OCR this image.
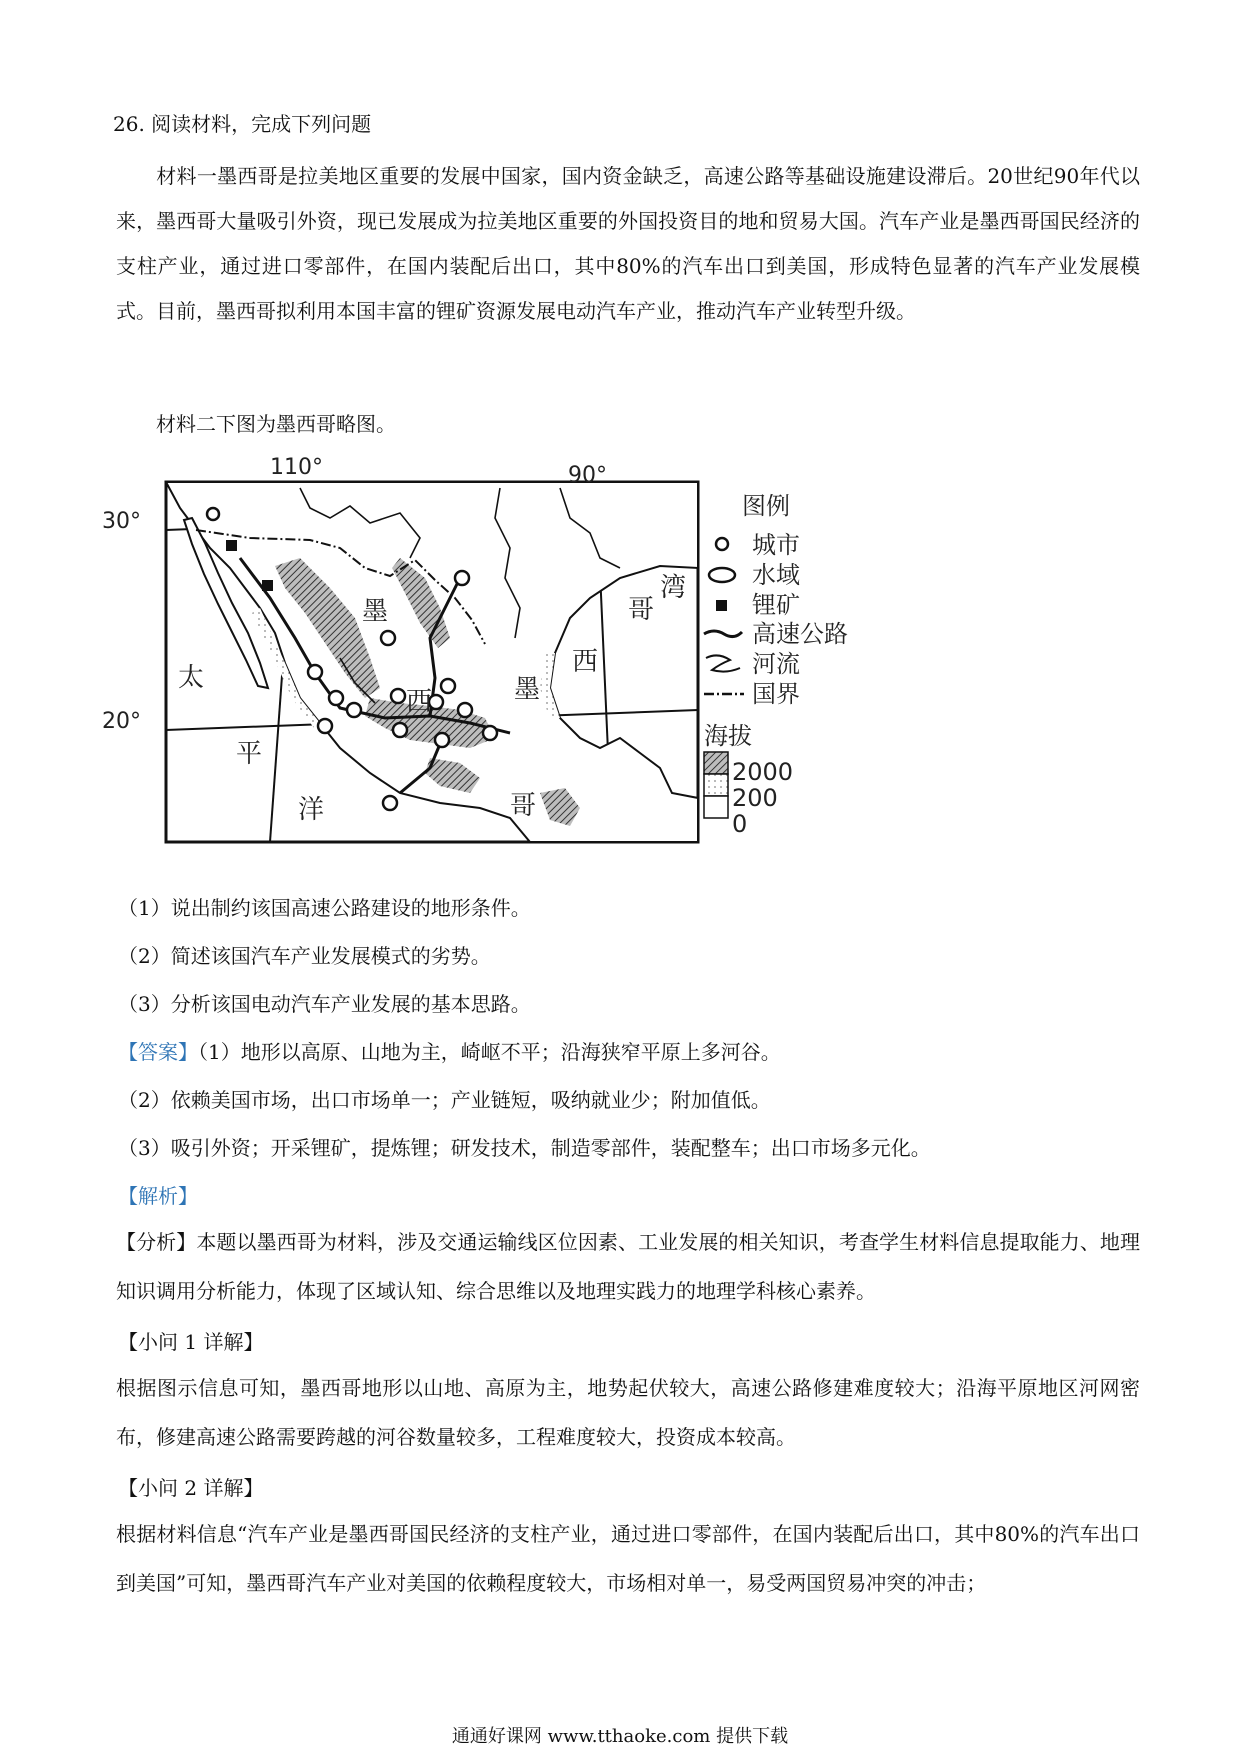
26. 阅读材料，完成下列问题
材料一墨西哥是拉美地区重要的发展中国家，国内资金缺乏，高速公路等基础设施建设滞后。20世纪90年代以来，墨西哥大量吸引外资，现已发展成为拉美地区重要的外国投资目的地和贸易大国。汽车产业是墨西哥国民经济的支柱产业，通过进口零部件，在国内装配后出口，其中80%的汽车出口到美国，形成特色显著的汽车产业发展模式。目前，墨西哥拟利用本国丰富的锂矿资源发展电动汽车产业，推动汽车产业转型升级。
材料二下图为墨西哥略图。
110°	90°
30°
20°
墨
西
哥
墨
西
哥
湾
太
平
洋
图例
城市
水域
锂矿
高速公路
河流
国界
海拔
2000
200
0
（1）说出制约该国高速公路建设的地形条件。
（2）简述该国汽车产业发展模式的劣势。
（3）分析该国电动汽车产业发展的基本思路。
【答案】（1）地形以高原、山地为主，崎岖不平；沿海狭窄平原上多河谷。
（2）依赖美国市场，出口市场单一；产业链短，吸纳就业少；附加值低。
（3）吸引外资；开采锂矿，提炼锂；研发技术，制造零部件，装配整车；出口市场多元化。
【解析】
【分析】本题以墨西哥为材料，涉及交通运输线区位因素、工业发展的相关知识，考查学生材料信息提取能力、地理知识调用分析能力，体现了区域认知、综合思维以及地理实践力的地理学科核心素养。
【小问 1 详解】
根据图示信息可知，墨西哥地形以山地、高原为主，地势起伏较大，高速公路修建难度较大；沿海平原地区河网密布，修建高速公路需要跨越的河谷数量较多，工程难度较大，投资成本较高。
【小问 2 详解】
根据材料信息“汽车产业是墨西哥国民经济的支柱产业，通过进口零部件，在国内装配后出口，其中80%的汽车出口到美国”可知，墨西哥汽车产业对美国的依赖程度较大，市场相对单一，易受两国贸易冲突的冲击；
通通好课网 www.tthaoke.com 提供下载
